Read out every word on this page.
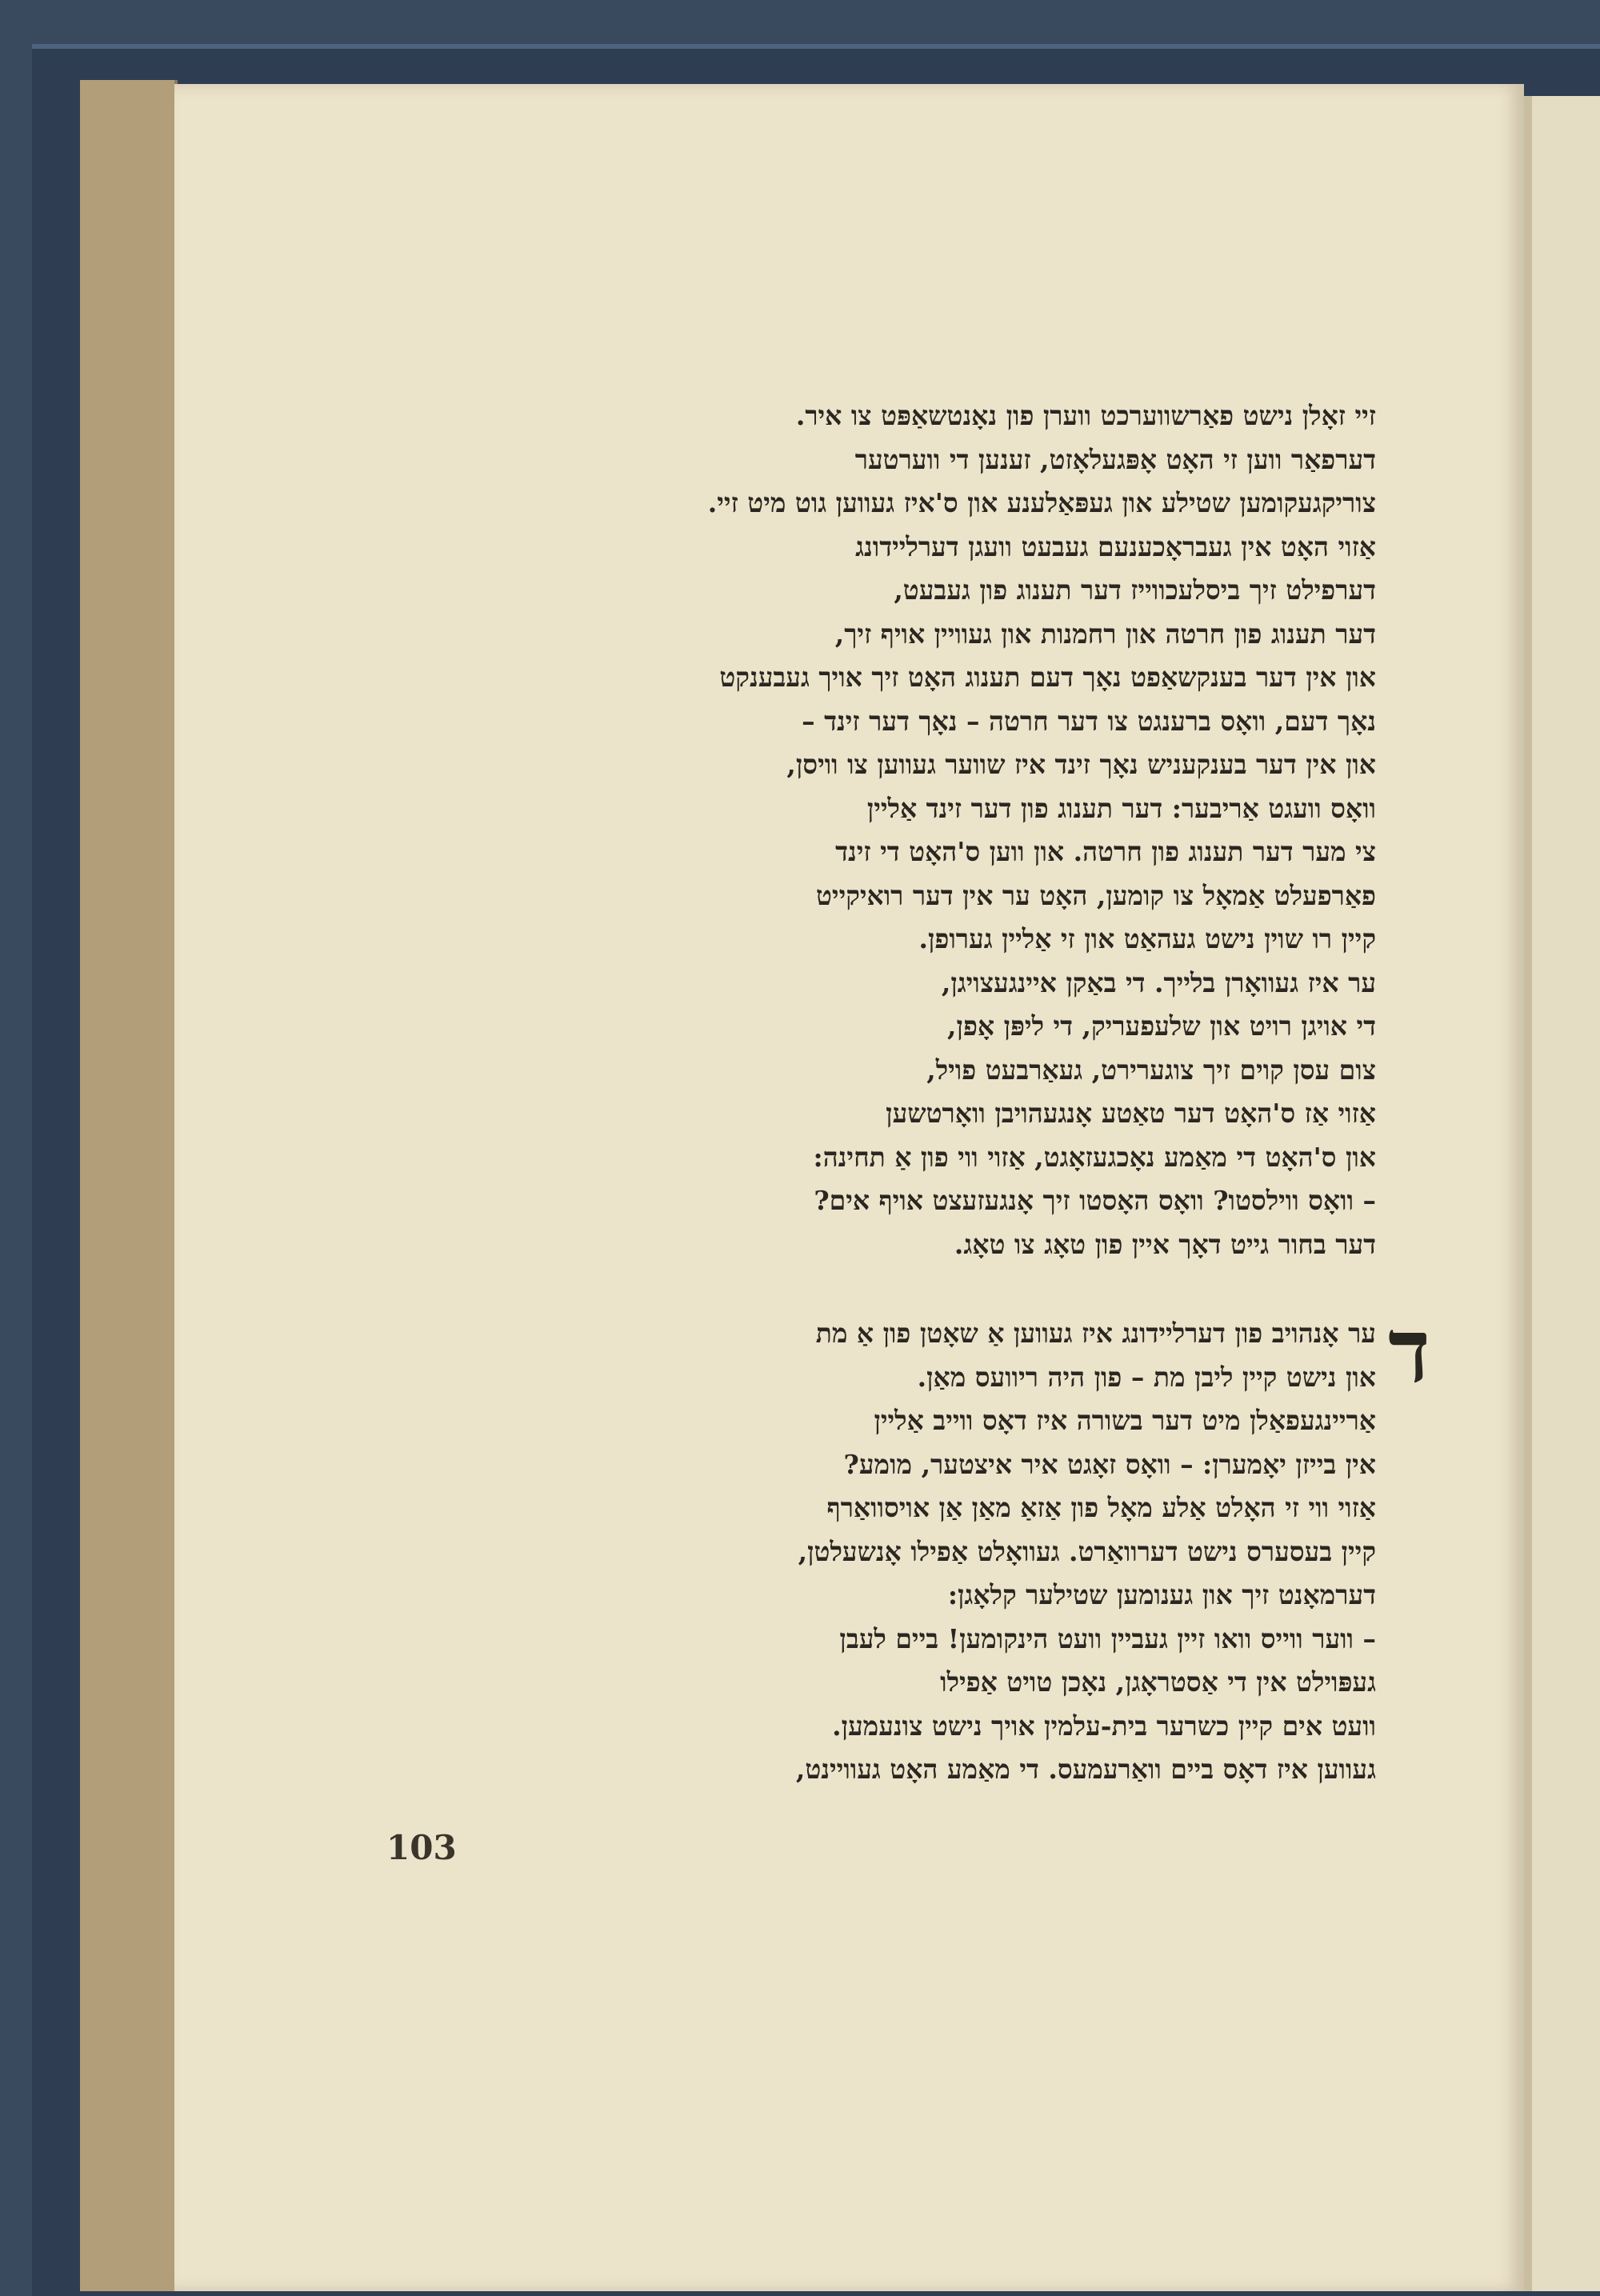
זיי זאָלן נישט פאַרשווערכט ווערן פון נאָנטשאַפּט צו איר.
דערפאַר ווען זי האָט אָפּגעלאָזט, זענען די ווערטער
צוריקגעקומען שטילע און געפּאַלענע און ס'איז געווען גוט מיט זיי.
אַזוי האָט אין געבראָכענעם געבעט וועגן דערליידונג
דערפילט זיך ביסלעכווייז דער תענוג פון געבעט,
דער תענוג פון חרטה און רחמנות און געוויין אויף זיך,
און אין דער בענקשאַפט נאָך דעם תענוג האָט זיך אויך געבענקט
נאָך דעם, וואָס ברענגט צו דער חרטה – נאָך דער זינד –
און אין דער בענקעניש נאָך זינד איז שווער געווען צו וויסן,
וואָס וועגט אַריבער: דער תענוג פון דער זינד אַליין
צי מער דער תענוג פון חרטה. און ווען ס'האָט די זינד
פאַרפעלט אַמאָל צו קומען, האָט ער אין דער רואיקייט
קיין רו שוין נישט געהאַט און זי אַליין גערופן.
ער איז געוואָרן בלייך. די באַקן איינגעצויגן,
די אויגן רויט און שלעפעריק, די ליפּן אָפן,
צום עסן קוים זיך צוגערירט, געאַרבעט פויל,
אַזוי אַז ס'האָט דער טאַטע אָנגעהויבן וואָרטשען
און ס'האָט די מאַמע נאָכגעזאָגט, אַזוי ווי פון אַ תחינה:
– וואָס ווילסטו? וואָס האָסטו זיך אָנגעזעצט אויף אים?
דער בחור גייט דאָך איין פון טאָג צו טאָג.
ד
ער אָנהויב פון דערליידונג איז געווען אַ שאָטן פון אַ מת
און נישט קיין ליבן מת – פון היה ריוועס מאַן.
אַריינגעפאַלן מיט דער בשורה איז דאָס ווייב אַליין
אין בייזן יאָמערן: – וואָס זאָגט איר איצטער, מומע?
אַזוי ווי זי האָלט אַלע מאָל פון אַזאַ מאַן אַן אויסוואַרף
קיין בעסערס נישט דערוואַרט. געוואָלט אַפילו אָנשעלטן,
דערמאָנט זיך און גענומען שטילער קלאָגן:
– ווער ווייס וואו זיין געביין וועט הינקומען! ביים לעבן
געפּוילט אין די אַסטראָגן, נאָכן טויט אַפילו
וועט אים קיין כשרער בית-עלמין אויך נישט צונעמען.
געווען איז דאָס ביים וואַרעמעס. די מאַמע האָט געוויינט,
103
